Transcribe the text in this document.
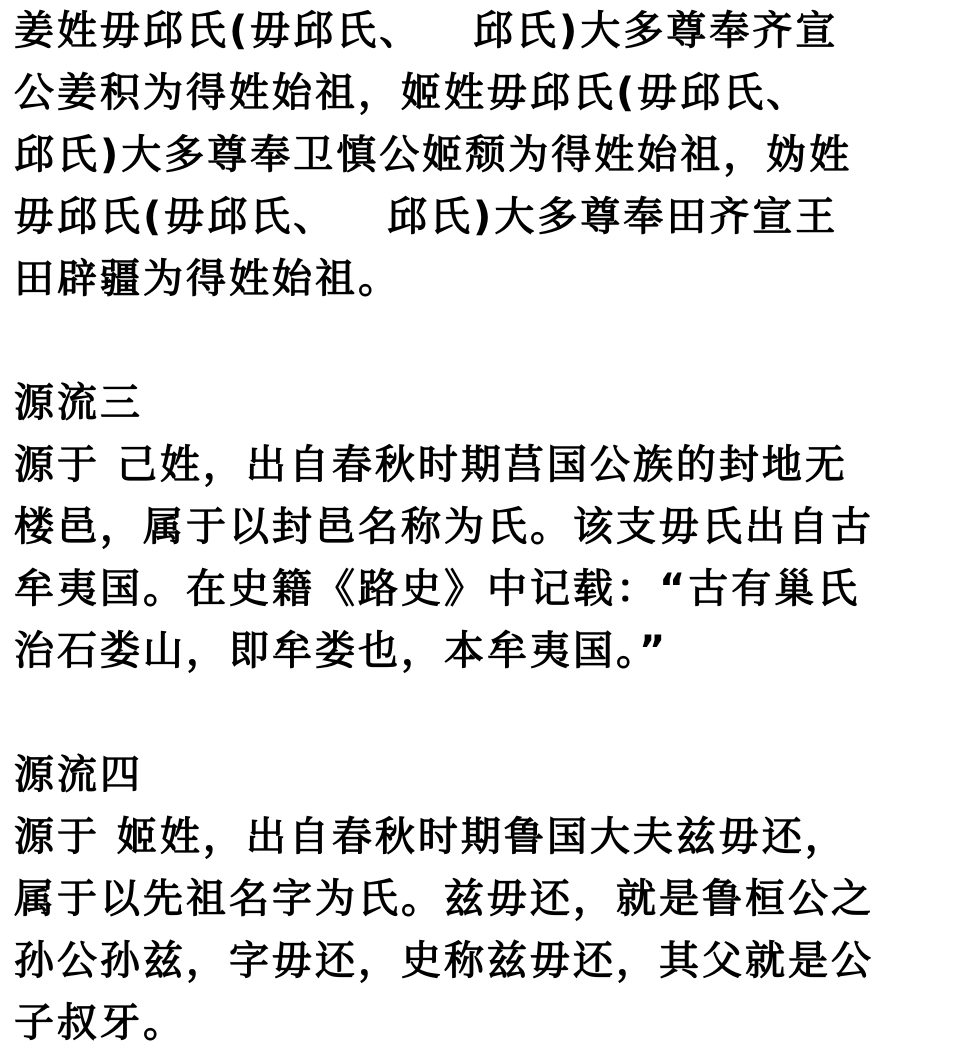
姜姓毋邱氏(毋邱氏、   邱氏)大多尊奉齐宣
公姜积为得姓始祖，姬姓毋邱氏(毋邱氏、
邱氏)大多尊奉卫慎公姬颓为得姓始祖，妫姓
毋邱氏(毋邱氏、   邱氏)大多尊奉田齐宣王
田辟疆为得姓始祖。
源流三
源于 己姓，出自春秋时期莒国公族的封地无
楼邑，属于以封邑名称为氏。该支毋氏出自古
牟夷国。在史籍《路史》中记载：“古有巢氏
治石娄山，即牟娄也，本牟夷国。”
源流四
源于 姬姓，出自春秋时期鲁国大夫兹毋还，
属于以先祖名字为氏。兹毋还，就是鲁桓公之
孙公孙兹，字毋还，史称兹毋还，其父就是公
子叔牙。
